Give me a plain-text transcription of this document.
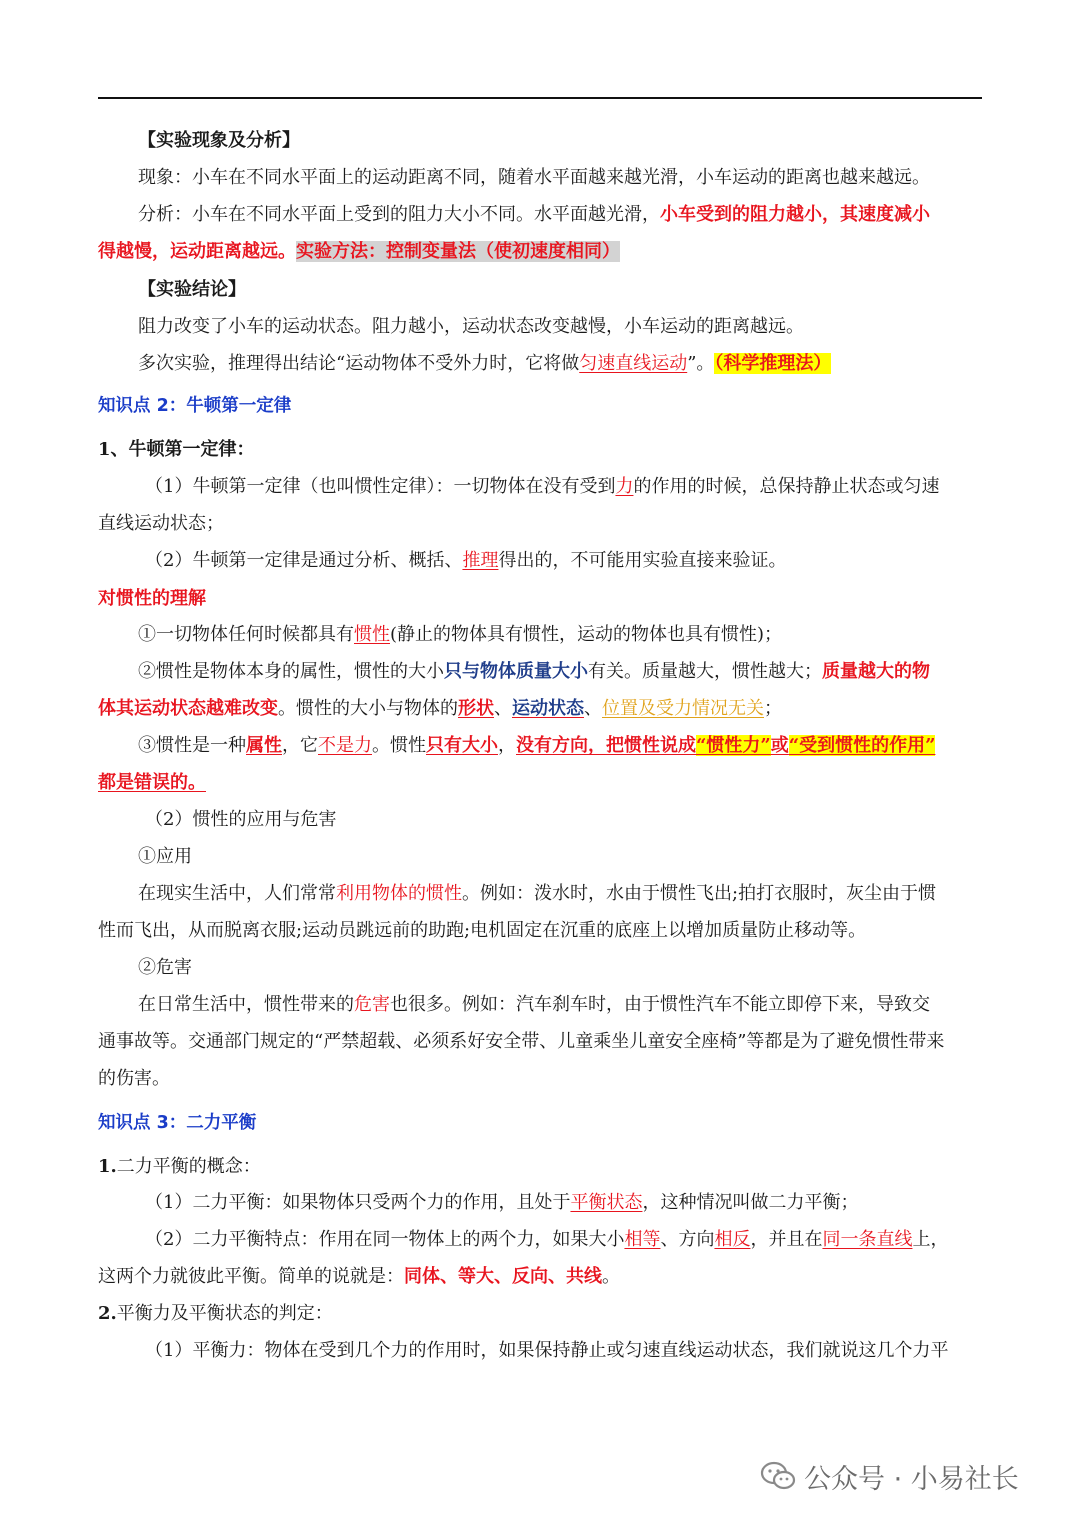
【实验现象及分析】
现象：小车在不同水平面上的运动距离不同，随着水平面越来越光滑，小车运动的距离也越来越远。
分析：小车在不同水平面上受到的阻力大小不同。水平面越光滑，小车受到的阻力越小，其速度减小
得越慢，运动距离越远。实验方法：控制变量法（使初速度相同）
【实验结论】
阻力改变了小车的运动状态。阻力越小，运动状态改变越慢，小车运动的距离越远。
多次实验，推理得出结论“运动物体不受外力时，它将做匀速直线运动”。（科学推理法）
知识点 2：牛顿第一定律
1、牛顿第一定律：
（1）牛顿第一定律（也叫惯性定律）：一切物体在没有受到力的作用的时候，总保持静止状态或匀速
直线运动状态；
（2）牛顿第一定律是通过分析、概括、推理得出的，不可能用实验直接来验证。
对惯性的理解
①一切物体任何时候都具有惯性(静止的物体具有惯性，运动的物体也具有惯性)；
②惯性是物体本身的属性，惯性的大小只与物体质量大小有关。质量越大，惯性越大；质量越大的物
体其运动状态越难改变。惯性的大小与物体的形状、运动状态、位置及受力情况无关；
③惯性是一种属性，它不是力。惯性只有大小，没有方向，把惯性说成“惯性力”或“受到惯性的作用”
都是错误的。
（2）惯性的应用与危害
①应用
在现实生活中，人们常常利用物体的惯性。例如：泼水时，水由于惯性飞出;拍打衣服时，灰尘由于惯
性而飞出，从而脱离衣服;运动员跳远前的助跑;电机固定在沉重的底座上以增加质量防止移动等。
②危害
在日常生活中，惯性带来的危害也很多。例如：汽车刹车时，由于惯性汽车不能立即停下来，导致交
通事故等。交通部门规定的“严禁超载、必须系好安全带、儿童乘坐儿童安全座椅”等都是为了避免惯性带来
的伤害。
知识点 3：二力平衡
1.二力平衡的概念：
（1）二力平衡：如果物体只受两个力的作用，且处于平衡状态，这种情况叫做二力平衡；
（2）二力平衡特点：作用在同一物体上的两个力，如果大小相等、方向相反，并且在同一条直线上，
这两个力就彼此平衡。简单的说就是：同体、等大、反向、共线。
2.平衡力及平衡状态的判定：
（1）平衡力：物体在受到几个力的作用时，如果保持静止或匀速直线运动状态，我们就说这几个力平
公众号 · 小易社长
